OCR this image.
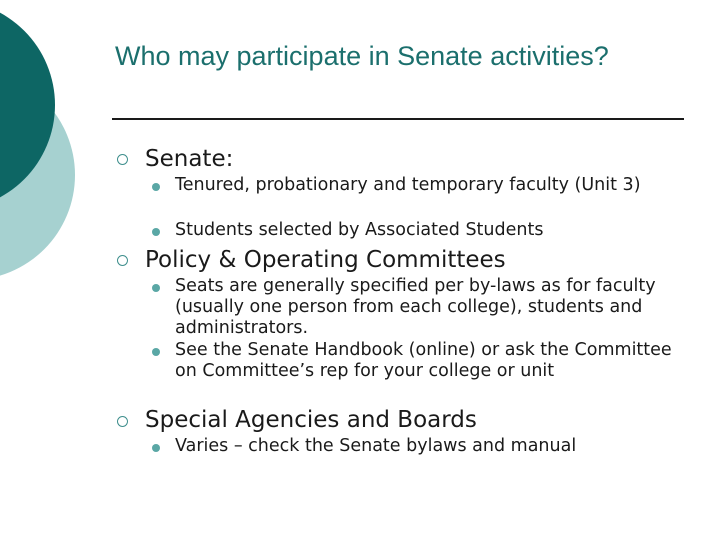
Who may participate in Senate activities?
Senate:
Tenured, probationary and temporary faculty (Unit 3)
Students selected by Associated Students
Policy & Operating Committees
Seats are generally specified per by-laws as for faculty (usually one person from each college), students and administrators.
See the Senate Handbook (online) or ask the Committee on Committee’s rep for your college or unit
Special Agencies and Boards
Varies – check the Senate bylaws and manual
